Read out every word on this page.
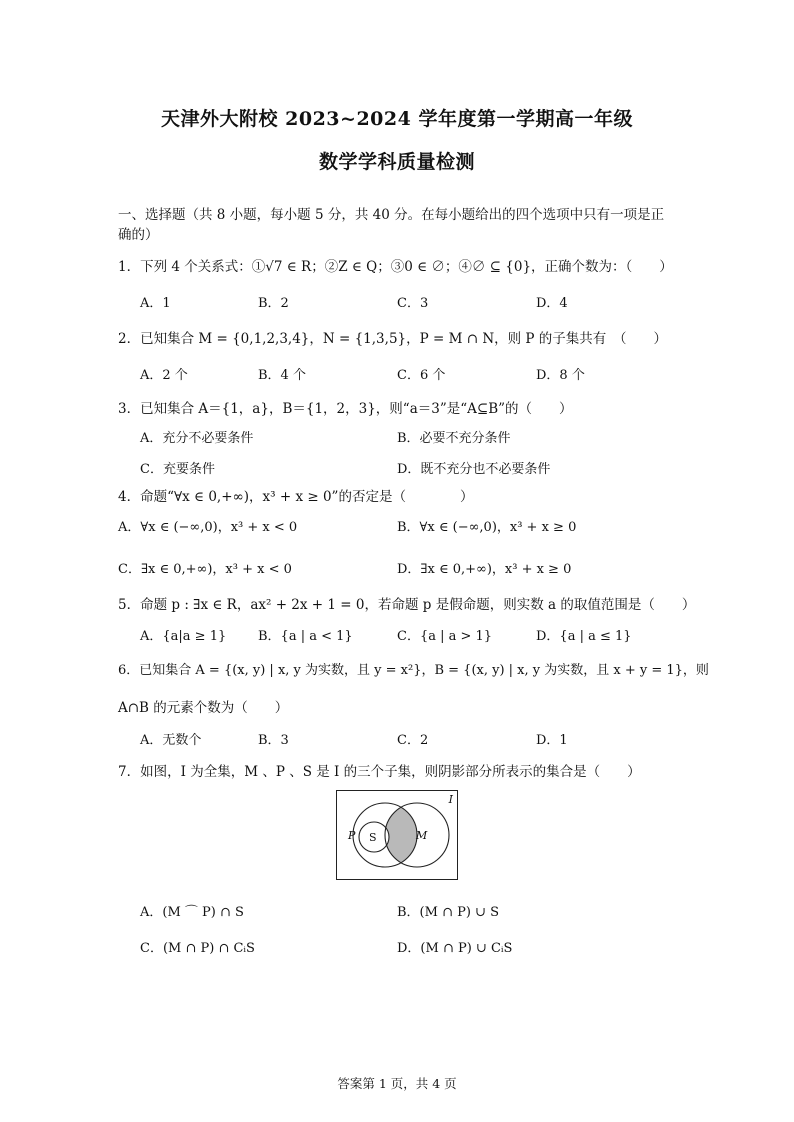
天津外大附校 2023~2024 学年度第一学期高一年级
数学学科质量检测
一、选择题（共 8 小题，每小题 5 分，共 40 分。在每小题给出的四个选项中只有一项是正
确的）
1．下列 4 个关系式：①√7 ∈ R；②Z ∈ Q；③0 ∈ ∅；④∅ ⊆ {0}，正确个数为：（　　）
A．1	B．2	C．3	D．4
2．已知集合 M = {0,1,2,3,4}，N = {1,3,5}，P = M ∩ N，则 P 的子集共有　（　　）
A．2 个	B．4 个	C．6 个	D．8 个
3．已知集合 A＝{1，a}，B＝{1，2，3}，则“a＝3”是“A⊆B”的（　　）
A．充分不必要条件	B．必要不充分条件
C．充要条件	D．既不充分也不必要条件
4．命题“∀x ∈ 0,+∞)，x³ + x ≥ 0”的否定是（　　　　）
A．∀x ∈ (−∞,0)，x³ + x < 0	B．∀x ∈ (−∞,0)，x³ + x ≥ 0
C．∃x ∈ 0,+∞)，x³ + x < 0	D．∃x ∈ 0,+∞)，x³ + x ≥ 0
5．命题 p : ∃x ∈ R，ax² + 2x + 1 = 0，若命题 p 是假命题，则实数 a 的取值范围是（　　）
A．{a|a ≥ 1} B．{a | a < 1}	C．{a | a > 1}	D．{a | a ≤ 1}
6．已知集合 A = {(x, y) | x, y 为实数，且 y = x²}，B = {(x, y) | x, y 为实数，且 x + y = 1}，则
A∩B 的元素个数为（　　）
A．无数个	B．3	C．2	D．1
7．如图，I 为全集，M 、P 、S 是 I 的三个子集，则阴影部分所表示的集合是（　　）
I
P S	M
A．(M ⌒ P) ∩ S	B．(M ∩ P) ∪ S
C．(M ∩ P) ∩ CᵢS	D．(M ∩ P) ∪ CᵢS
答案第 1 页，共 4 页
